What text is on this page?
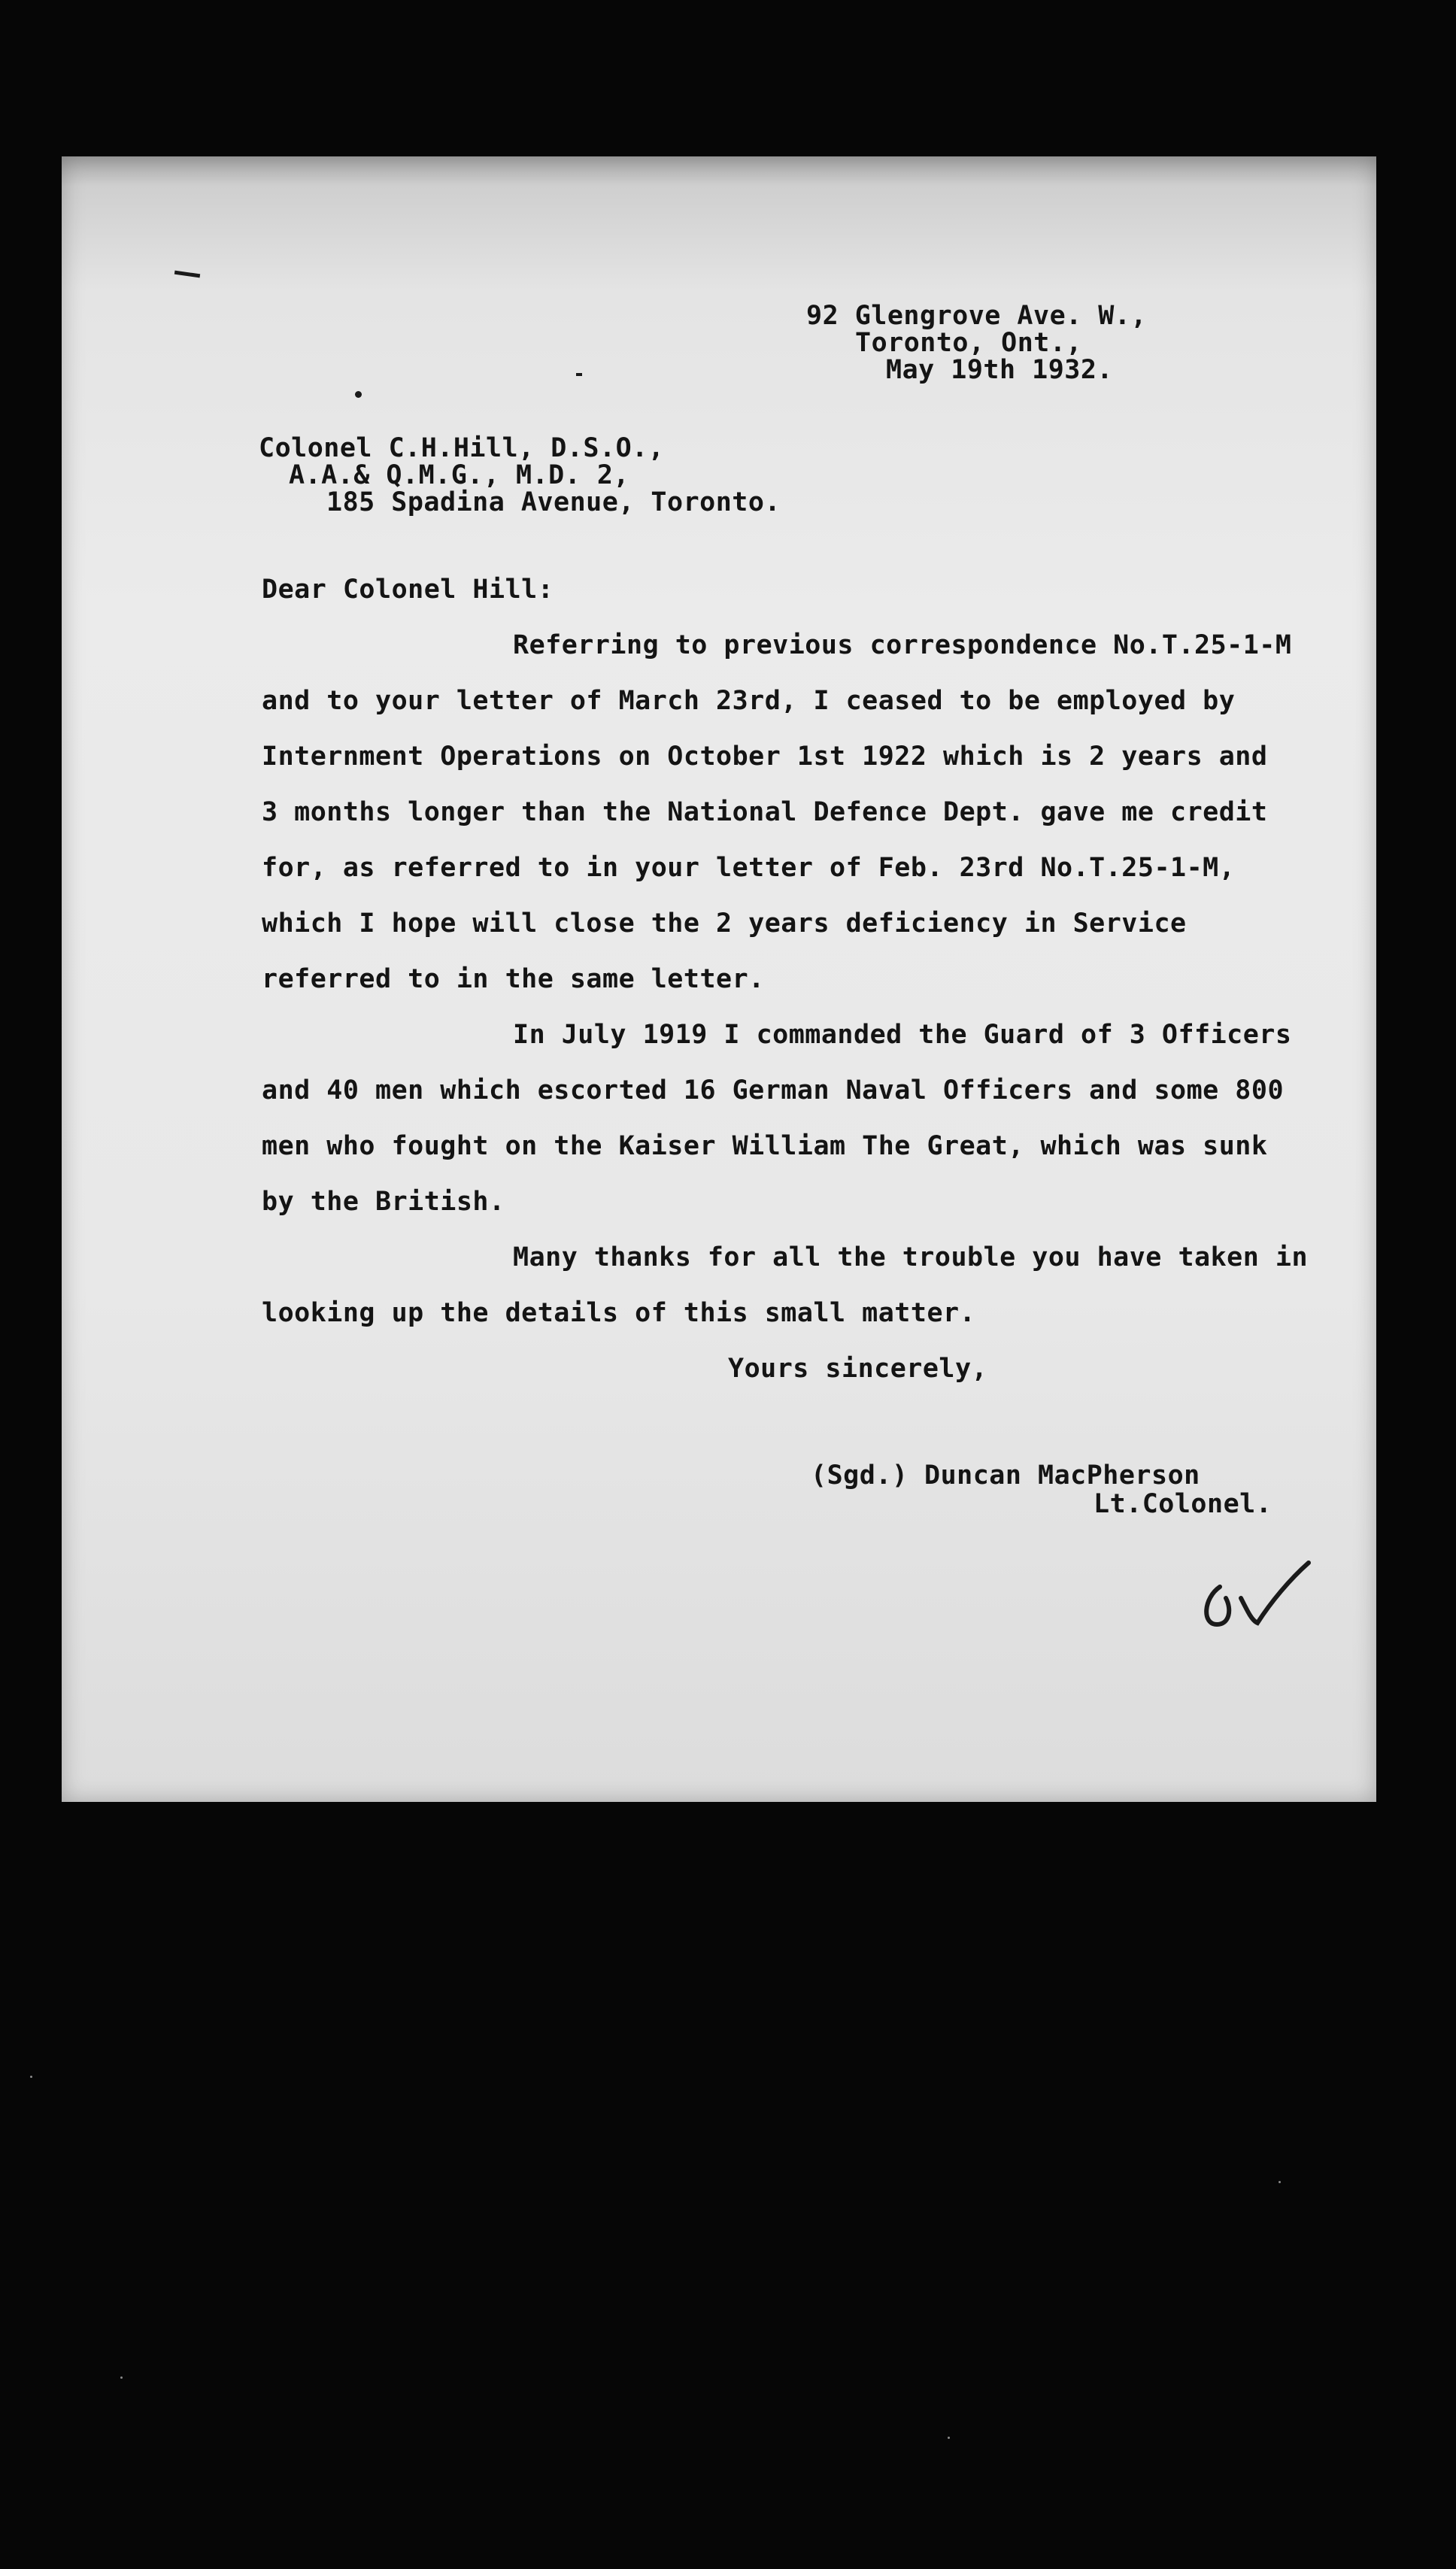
92 Glengrove Ave. W.,

Toronto, Ont.,

May 19th 1932.

Colonel C.H.Hill, D.S.O.,

A.A.& Q.M.G., M.D. 2,

185 Spadina Avenue, Toronto.

Dear Colonel Hill:

Referring to previous correspondence No.T.25-1-M

and to your letter of March 23rd, I ceased to be employed by

Internment Operations on October 1st 1922 which is 2 years and

3 months longer than the National Defence Dept. gave me credit

for, as referred to in your letter of Feb. 23rd No.T.25-1-M,

which I hope will close the 2 years deficiency in Service

referred to in the same letter.

In July 1919 I commanded the Guard of 3 Officers

and 40 men which escorted 16 German Naval Officers and some 800

men who fought on the Kaiser William The Great, which was sunk

by the British.

Many thanks for all the trouble you have taken in

looking up the details of this small matter.

Yours sincerely,

(Sgd.) Duncan MacPherson

Lt.Colonel.
